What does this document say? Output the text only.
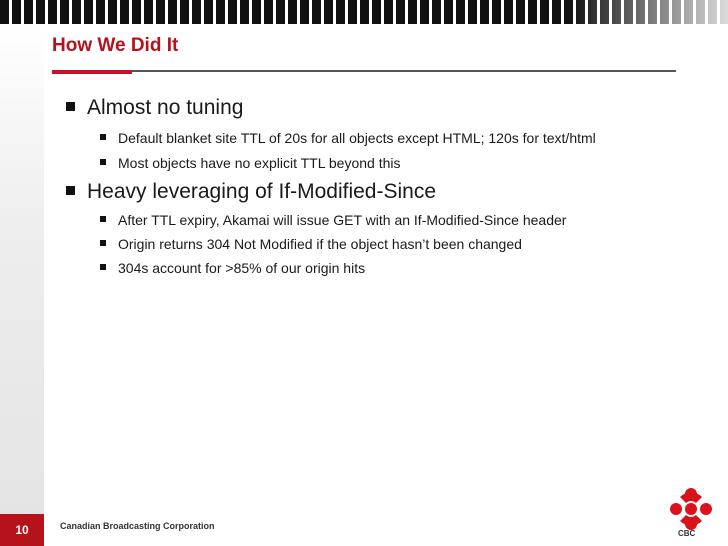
How We Did It
Almost no tuning
Default blanket site TTL of 20s for all objects except HTML; 120s for text/html
Most objects have no explicit TTL beyond this
Heavy leveraging of If-Modified-Since
After TTL expiry, Akamai will issue GET with an If-Modified-Since header
Origin returns 304 Not Modified if the object hasn’t been changed
304s account for >85% of our origin hits
10	Canadian Broadcasting Corporation
CBC
